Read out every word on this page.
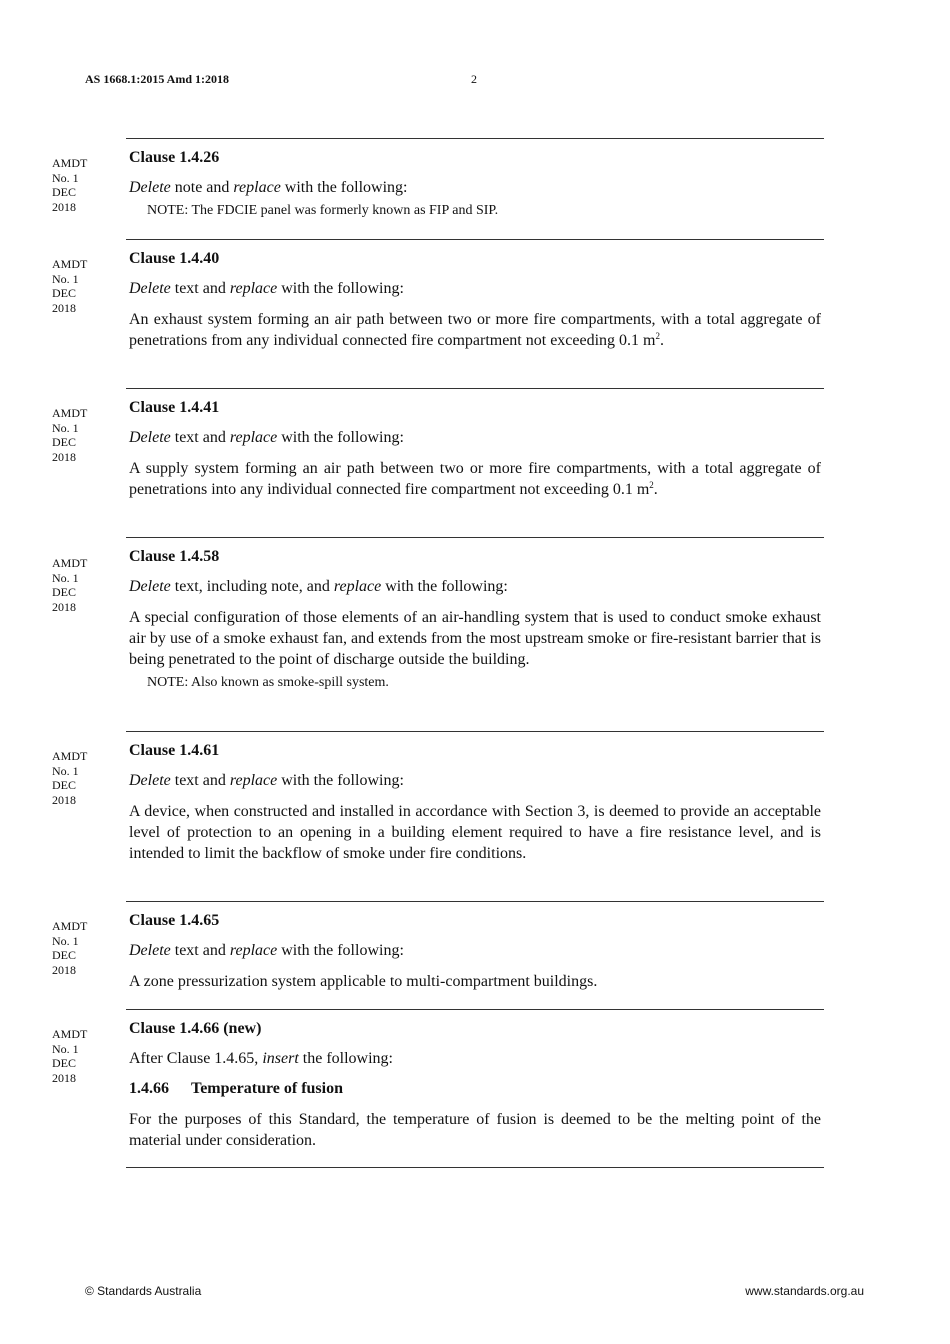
AS 1668.1:2015 Amd 1:2018	2
AMDT
No. 1
DEC
2018
AMDT
No. 1
DEC
2018
AMDT
No. 1
DEC
2018
AMDT
No. 1
DEC
2018
AMDT
No. 1
DEC
2018
AMDT
No. 1
DEC
2018
AMDT
No. 1
DEC
2018
Clause 1.4.26
Delete note and replace with the following:
NOTE: The FDCIE panel was formerly known as FIP and SIP.
Clause 1.4.40
Delete text and replace with the following:
An exhaust system forming an air path between two or more fire compartments, with a total aggregate of penetrations from any individual connected fire compartment not exceeding 0.1 $m^2$.
Clause 1.4.41
Delete text and replace with the following:
A supply system forming an air path between two or more fire compartments, with a total aggregate of penetrations into any individual connected fire compartment not exceeding 0.1 $m^2$.
Clause 1.4.58
Delete text, including note, and replace with the following:
A special configuration of those elements of an air-handling system that is used to conduct smoke exhaust air by use of a smoke exhaust fan, and extends from the most upstream smoke or fire-resistant barrier that is being penetrated to the point of discharge outside the building.
NOTE: Also known as smoke-spill system.
Clause 1.4.61
Delete text and replace with the following:
A device, when constructed and installed in accordance with Section 3, is deemed to provide an acceptable level of protection to an opening in a building element required to have a fire resistance level, and is intended to limit the backflow of smoke under fire conditions.
Clause 1.4.65
Delete text and replace with the following:
A zone pressurization system applicable to multi-compartment buildings.
Clause 1.4.66 (new)
After Clause 1.4.65, insert the following:
1.4.66 Temperature of fusion
For the purposes of this Standard, the temperature of fusion is deemed to be the melting point of the material under consideration.
© Standards Australia	www.standards.org.au
